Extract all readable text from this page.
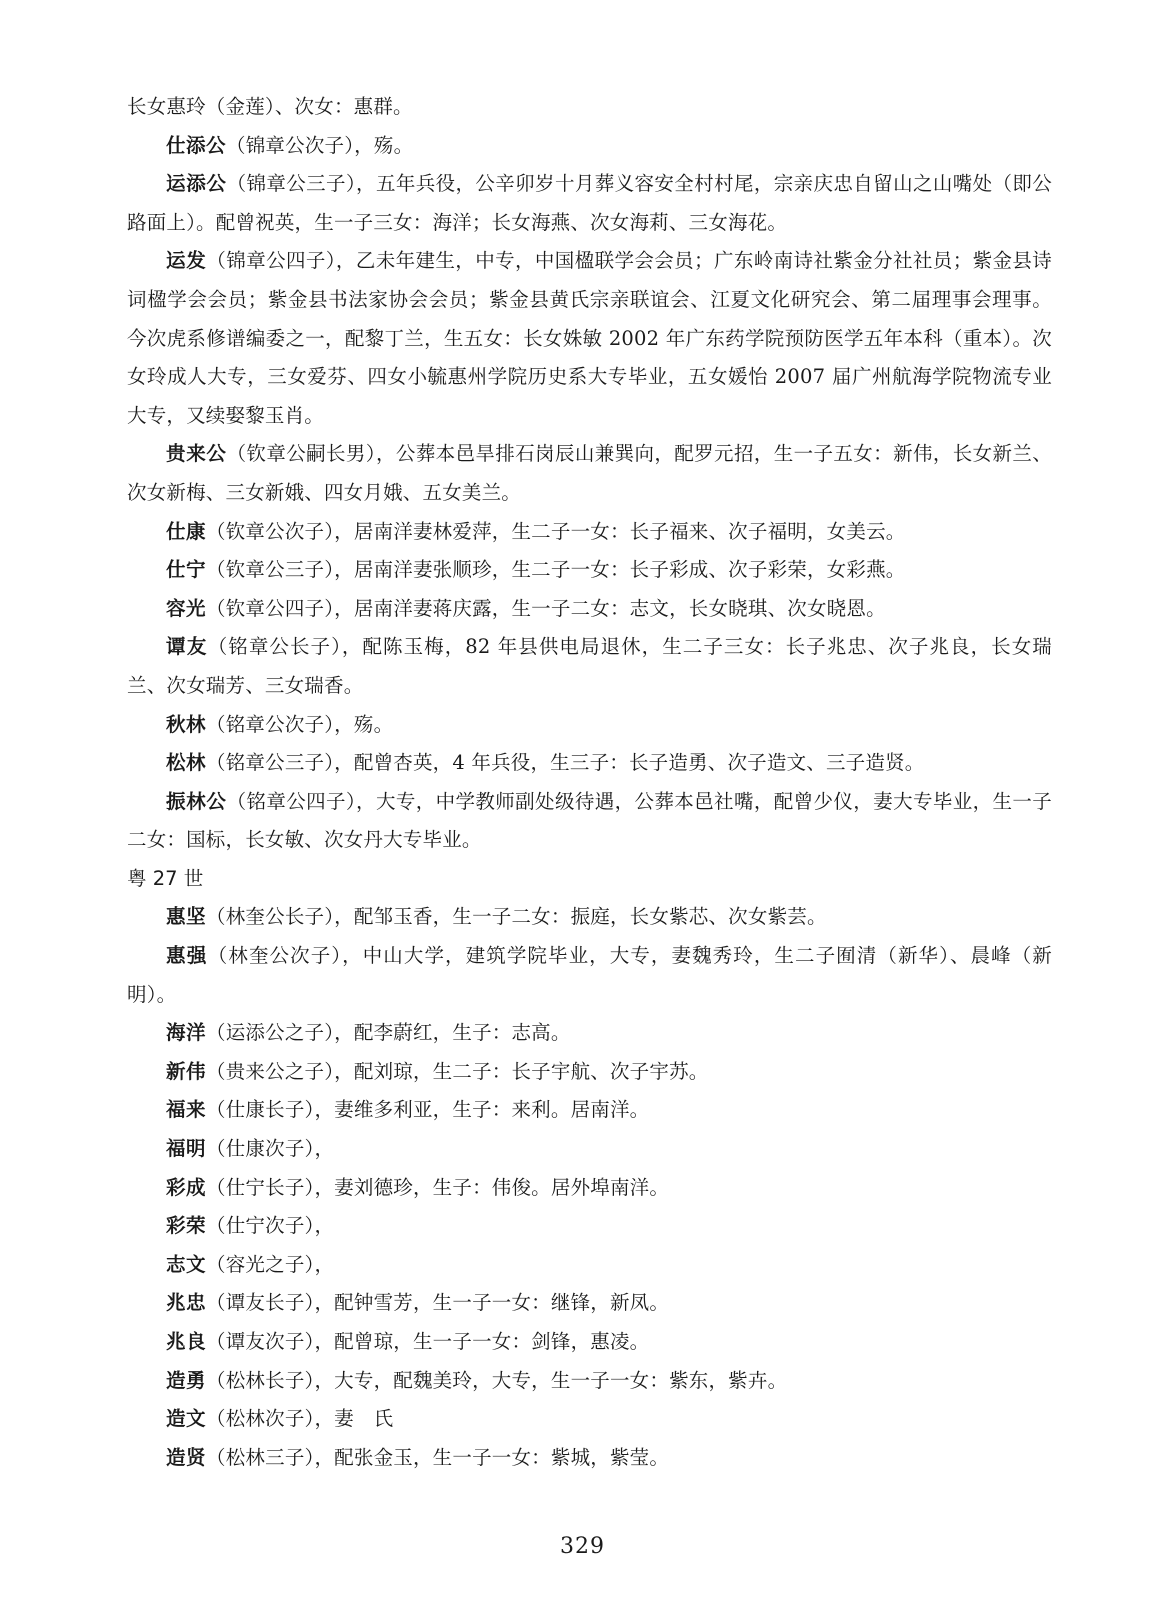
长女惠玲（金莲）、次女：惠群。

仕添公（锦章公次子），殇。

运添公（锦章公三子），五年兵役，公辛卯岁十月葬义容安全村村尾，宗亲庆忠自留山之山嘴处（即公路面上）。配曾祝英，生一子三女：海洋；长女海燕、次女海莉、三女海花。

运发（锦章公四子），乙未年建生，中专，中国楹联学会会员；广东岭南诗社紫金分社社员；紫金县诗词楹学会会员；紫金县书法家协会会员；紫金县黄氏宗亲联谊会、江夏文化研究会、第二届理事会理事。今次虎系修谱编委之一，配黎丁兰，生五女：长女姝敏 2002 年广东药学院预防医学五年本科（重本）。次女玲成人大专，三女爱芬、四女小毓惠州学院历史系大专毕业，五女媛怡 2007 届广州航海学院物流专业大专，又续娶黎玉肖。

贵来公（钦章公嗣长男），公葬本邑旱排石岗辰山兼巽向，配罗元招，生一子五女：新伟，长女新兰、次女新梅、三女新娥、四女月娥、五女美兰。

仕康（钦章公次子），居南洋妻林爱萍，生二子一女：长子福来、次子福明，女美云。

仕宁（钦章公三子），居南洋妻张顺珍，生二子一女：长子彩成、次子彩荣，女彩燕。

容光（钦章公四子），居南洋妻蒋庆露，生一子二女：志文，长女晓琪、次女晓恩。

谭友（铭章公长子），配陈玉梅，82 年县供电局退休，生二子三女：长子兆忠、次子兆良，长女瑞兰、次女瑞芳、三女瑞香。

秋林（铭章公次子），殇。

松林（铭章公三子），配曾杏英，4 年兵役，生三子：长子造勇、次子造文、三子造贤。

振林公（铭章公四子），大专，中学教师副处级待遇，公葬本邑社嘴，配曾少仪，妻大专毕业，生一子二女：国标，长女敏、次女丹大专毕业。

粤 27 世

惠坚（林奎公长子），配邹玉香，生一子二女：振庭，长女紫芯、次女紫芸。

惠强（林奎公次子），中山大学，建筑学院毕业，大专，妻魏秀玲，生二子囿清（新华）、晨峰（新明）。

海洋（运添公之子），配李蔚红，生子：志高。

新伟（贵来公之子），配刘琼，生二子：长子宇航、次子宇苏。

福来（仕康长子），妻维多利亚，生子：来利。居南洋。

福明（仕康次子），

彩成（仕宁长子），妻刘德珍，生子：伟俊。居外埠南洋。

彩荣（仕宁次子），

志文（容光之子），

兆忠（谭友长子），配钟雪芳，生一子一女：继锋，新凤。

兆良（谭友次子），配曾琼，生一子一女：剑锋，惠凌。

造勇（松林长子），大专，配魏美玲，大专，生一子一女：紫东，紫卉。

造文（松林次子），妻　氏

造贤（松林三子），配张金玉，生一子一女：紫城，紫莹。

329
